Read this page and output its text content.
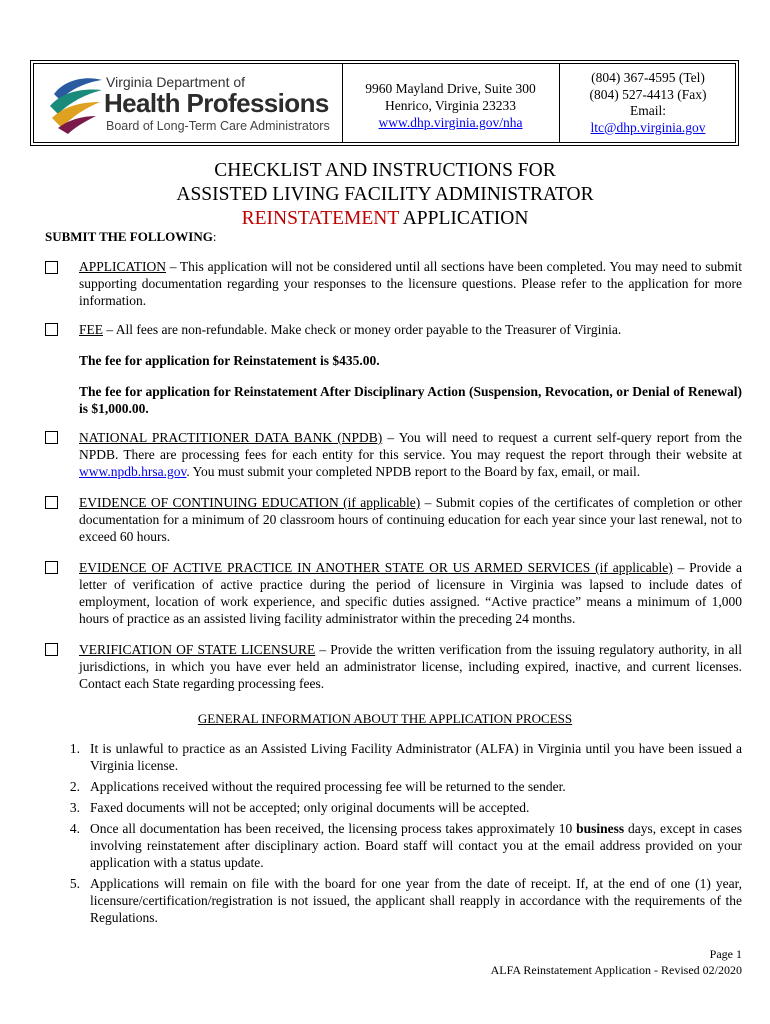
Virginia Department of
Health Professions
Board of Long-Term Care Administrators
9960 Mayland Drive, Suite 300
Henrico, Virginia 23233
www.dhp.virginia.gov/nha
(804) 367-4595 (Tel)
(804) 527-4413 (Fax)
Email:
ltc@dhp.virginia.gov
CHECKLIST AND INSTRUCTIONS FOR
ASSISTED LIVING FACILITY ADMINISTRATOR
REINSTATEMENT APPLICATION
SUBMIT THE FOLLOWING:
APPLICATION – This application will not be considered until all sections have been completed. You may need to submit supporting documentation regarding your responses to the licensure questions. Please refer to the application for more information.
FEE – All fees are non-refundable. Make check or money order payable to the Treasurer of Virginia.
The fee for application for Reinstatement is $435.00.
The fee for application for Reinstatement After Disciplinary Action (Suspension, Revocation, or Denial of Renewal) is $1,000.00.
NATIONAL PRACTITIONER DATA BANK (NPDB) – You will need to request a current self-query report from the NPDB. There are processing fees for each entity for this service. You may request the report through their website at www.npdb.hrsa.gov. You must submit your completed NPDB report to the Board by fax, email, or mail.
EVIDENCE OF CONTINUING EDUCATION (if applicable) – Submit copies of the certificates of completion or other documentation for a minimum of 20 classroom hours of continuing education for each year since your last renewal, not to exceed 60 hours.
EVIDENCE OF ACTIVE PRACTICE IN ANOTHER STATE OR US ARMED SERVICES (if applicable) – Provide a letter of verification of active practice during the period of licensure in Virginia was lapsed to include dates of employment, location of work experience, and specific duties assigned. “Active practice” means a minimum of 1,000 hours of practice as an assisted living facility administrator within the preceding 24 months.
VERIFICATION OF STATE LICENSURE – Provide the written verification from the issuing regulatory authority, in all jurisdictions, in which you have ever held an administrator license, including expired, inactive, and current licenses. Contact each State regarding processing fees.
GENERAL INFORMATION ABOUT THE APPLICATION PROCESS
1. It is unlawful to practice as an Assisted Living Facility Administrator (ALFA) in Virginia until you have been issued a Virginia license.
2. Applications received without the required processing fee will be returned to the sender.
3. Faxed documents will not be accepted; only original documents will be accepted.
4. Once all documentation has been received, the licensing process takes approximately 10 business days, except in cases involving reinstatement after disciplinary action. Board staff will contact you at the email address provided on your application with a status update.
5. Applications will remain on file with the board for one year from the date of receipt. If, at the end of one (1) year, licensure/certification/registration is not issued, the applicant shall reapply in accordance with the requirements of the Regulations.
Page 1
ALFA Reinstatement Application - Revised 02/2020
